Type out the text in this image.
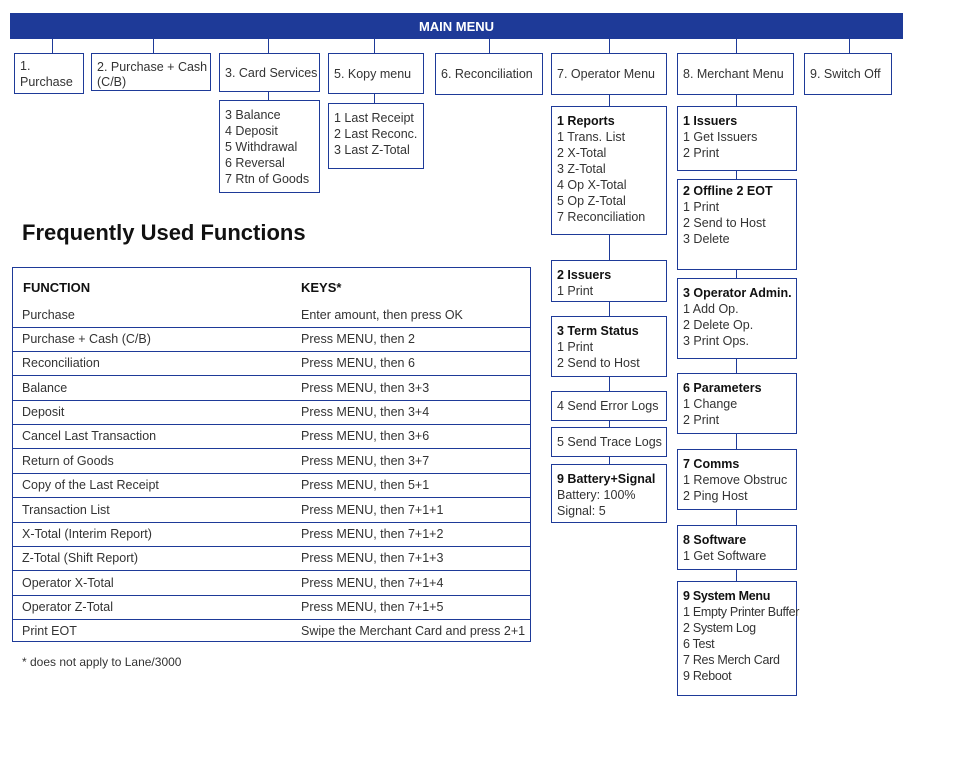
MAIN MENU
1. Purchase
2. Purchase + Cash (C/B)
3. Card Services 5. Kopy menu 6. Reconciliation 7. Operator Menu 8. Merchant Menu 9. Switch Off
3 Balance
4 Deposit
5 Withdrawal
6 Reversal
7 Rtn of Goods
1 Last Receipt
2 Last Reconc.
3 Last Z-Total
1 Reports
1 Trans. List
2 X-Total
3 Z-Total
4 Op X-Total
5 Op Z-Total
7 Reconciliation
2 Issuers
1 Print
3 Term Status
1 Print
2 Send to Host
4 Send Error Logs
5 Send Trace Logs
9 Battery+Signal
Battery: 100%
Signal: 5
1 Issuers
1 Get Issuers
2 Print
2 Offline 2 EOT
1 Print
2 Send to Host
3 Delete
3 Operator Admin.
1 Add Op.
2 Delete Op.
3 Print Ops.
6 Parameters
1 Change
2 Print
7 Comms
1 Remove Obstruc
2 Ping Host
8 Software
1 Get Software
9 System Menu
1 Empty Printer Buffer
2 System Log
6 Test
7 Res Merch Card
9 Reboot
Frequently Used Functions
FUNCTION	KEYS*
Purchase	Enter amount, then press OK
Purchase + Cash (C/B)	Press MENU, then 2
Reconciliation	Press MENU, then 6
Balance	Press MENU, then 3+3
Deposit	Press MENU, then 3+4
Cancel Last Transaction	Press MENU, then 3+6
Return of Goods	Press MENU, then 3+7
Copy of the Last Receipt	Press MENU, then 5+1
Transaction List	Press MENU, then 7+1+1
X-Total (Interim Report)	Press MENU, then 7+1+2
Z-Total (Shift Report)	Press MENU, then 7+1+3
Operator X-Total	Press MENU, then 7+1+4
Operator Z-Total	Press MENU, then 7+1+5
Print EOT	Swipe the Merchant Card and press 2+1
* does not apply to Lane/3000
